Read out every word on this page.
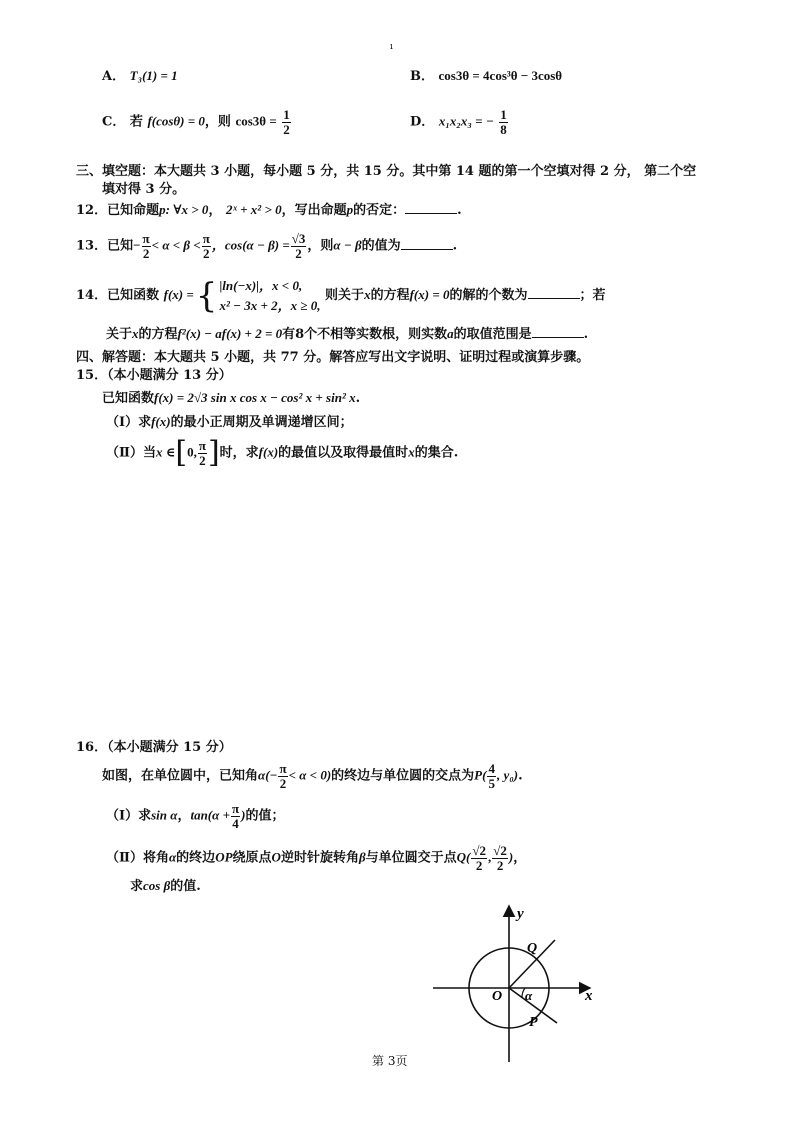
ı
A． T₃(1) = 1	B． cos3θ = 4cos³θ − 3cosθ
C． 若 f(cosθ) = 0，则 $\cos 3\theta = \frac{1}{2}$	D． x₁x₂x₃ = − $\frac{1}{8}$
三、填空题：本大题共 3 小题，每小题 5 分，共 15 分。其中第 14 题的第一个空填对得 2 分， 第二个空
填对得 3 分。
12．已知命题p: ∀x > 0， 2ˣ + x² > 0，写出命题p的否定：	.
13．已知− $\frac{\pi}{2} < \alpha < \beta < \frac{\pi}{2}$ ，$\cos(\alpha - \beta) = \frac{√3}{2}$ ，则α − β的值为	.
14．已知函数 f(x) ={ |ln(−x)|，x < 0,
x² − 3x + 2，x ≥ 0,
则关于x的方程f(x) = 0的解的个数为	；若
关于x的方程f²(x) − af(x) + 2 = 0有8个不相等实数根，则实数a的取值范围是	.
四、解答题：本大题共 5 小题，共 77 分。解答应写出文字说明、证明过程或演算步骤。
15．（本小题满分 13 分）
已知函数f(x) = 2√3 sin x cos x − cos² x + sin² x.
（Ⅰ）求f(x)的最小正周期及单调递增区间；
（Ⅱ）当x ∈[0, $\frac{\pi}{2}$ ]时，求f(x)的最值以及取得最值时x的集合.
16．（本小题满分 15 分）
如图，在单位圆中，已知角$\alpha(- \frac{\pi}{2} < \alpha < 0)$的终边与单位圆的交点为$P( \frac{4}{5}$ , y₀).
（Ⅰ）求sin α，$\tan(\alpha + \frac{\pi}{4}$ )的值；
（Ⅱ）将角α的终边OP绕原点O逆时针旋转角β与单位圆交于点$Q( \frac{√2}{2}$ , $\frac{√2}{2}$ )，
求cos β的值.
y
x
O
Q
P
α
第 3页
